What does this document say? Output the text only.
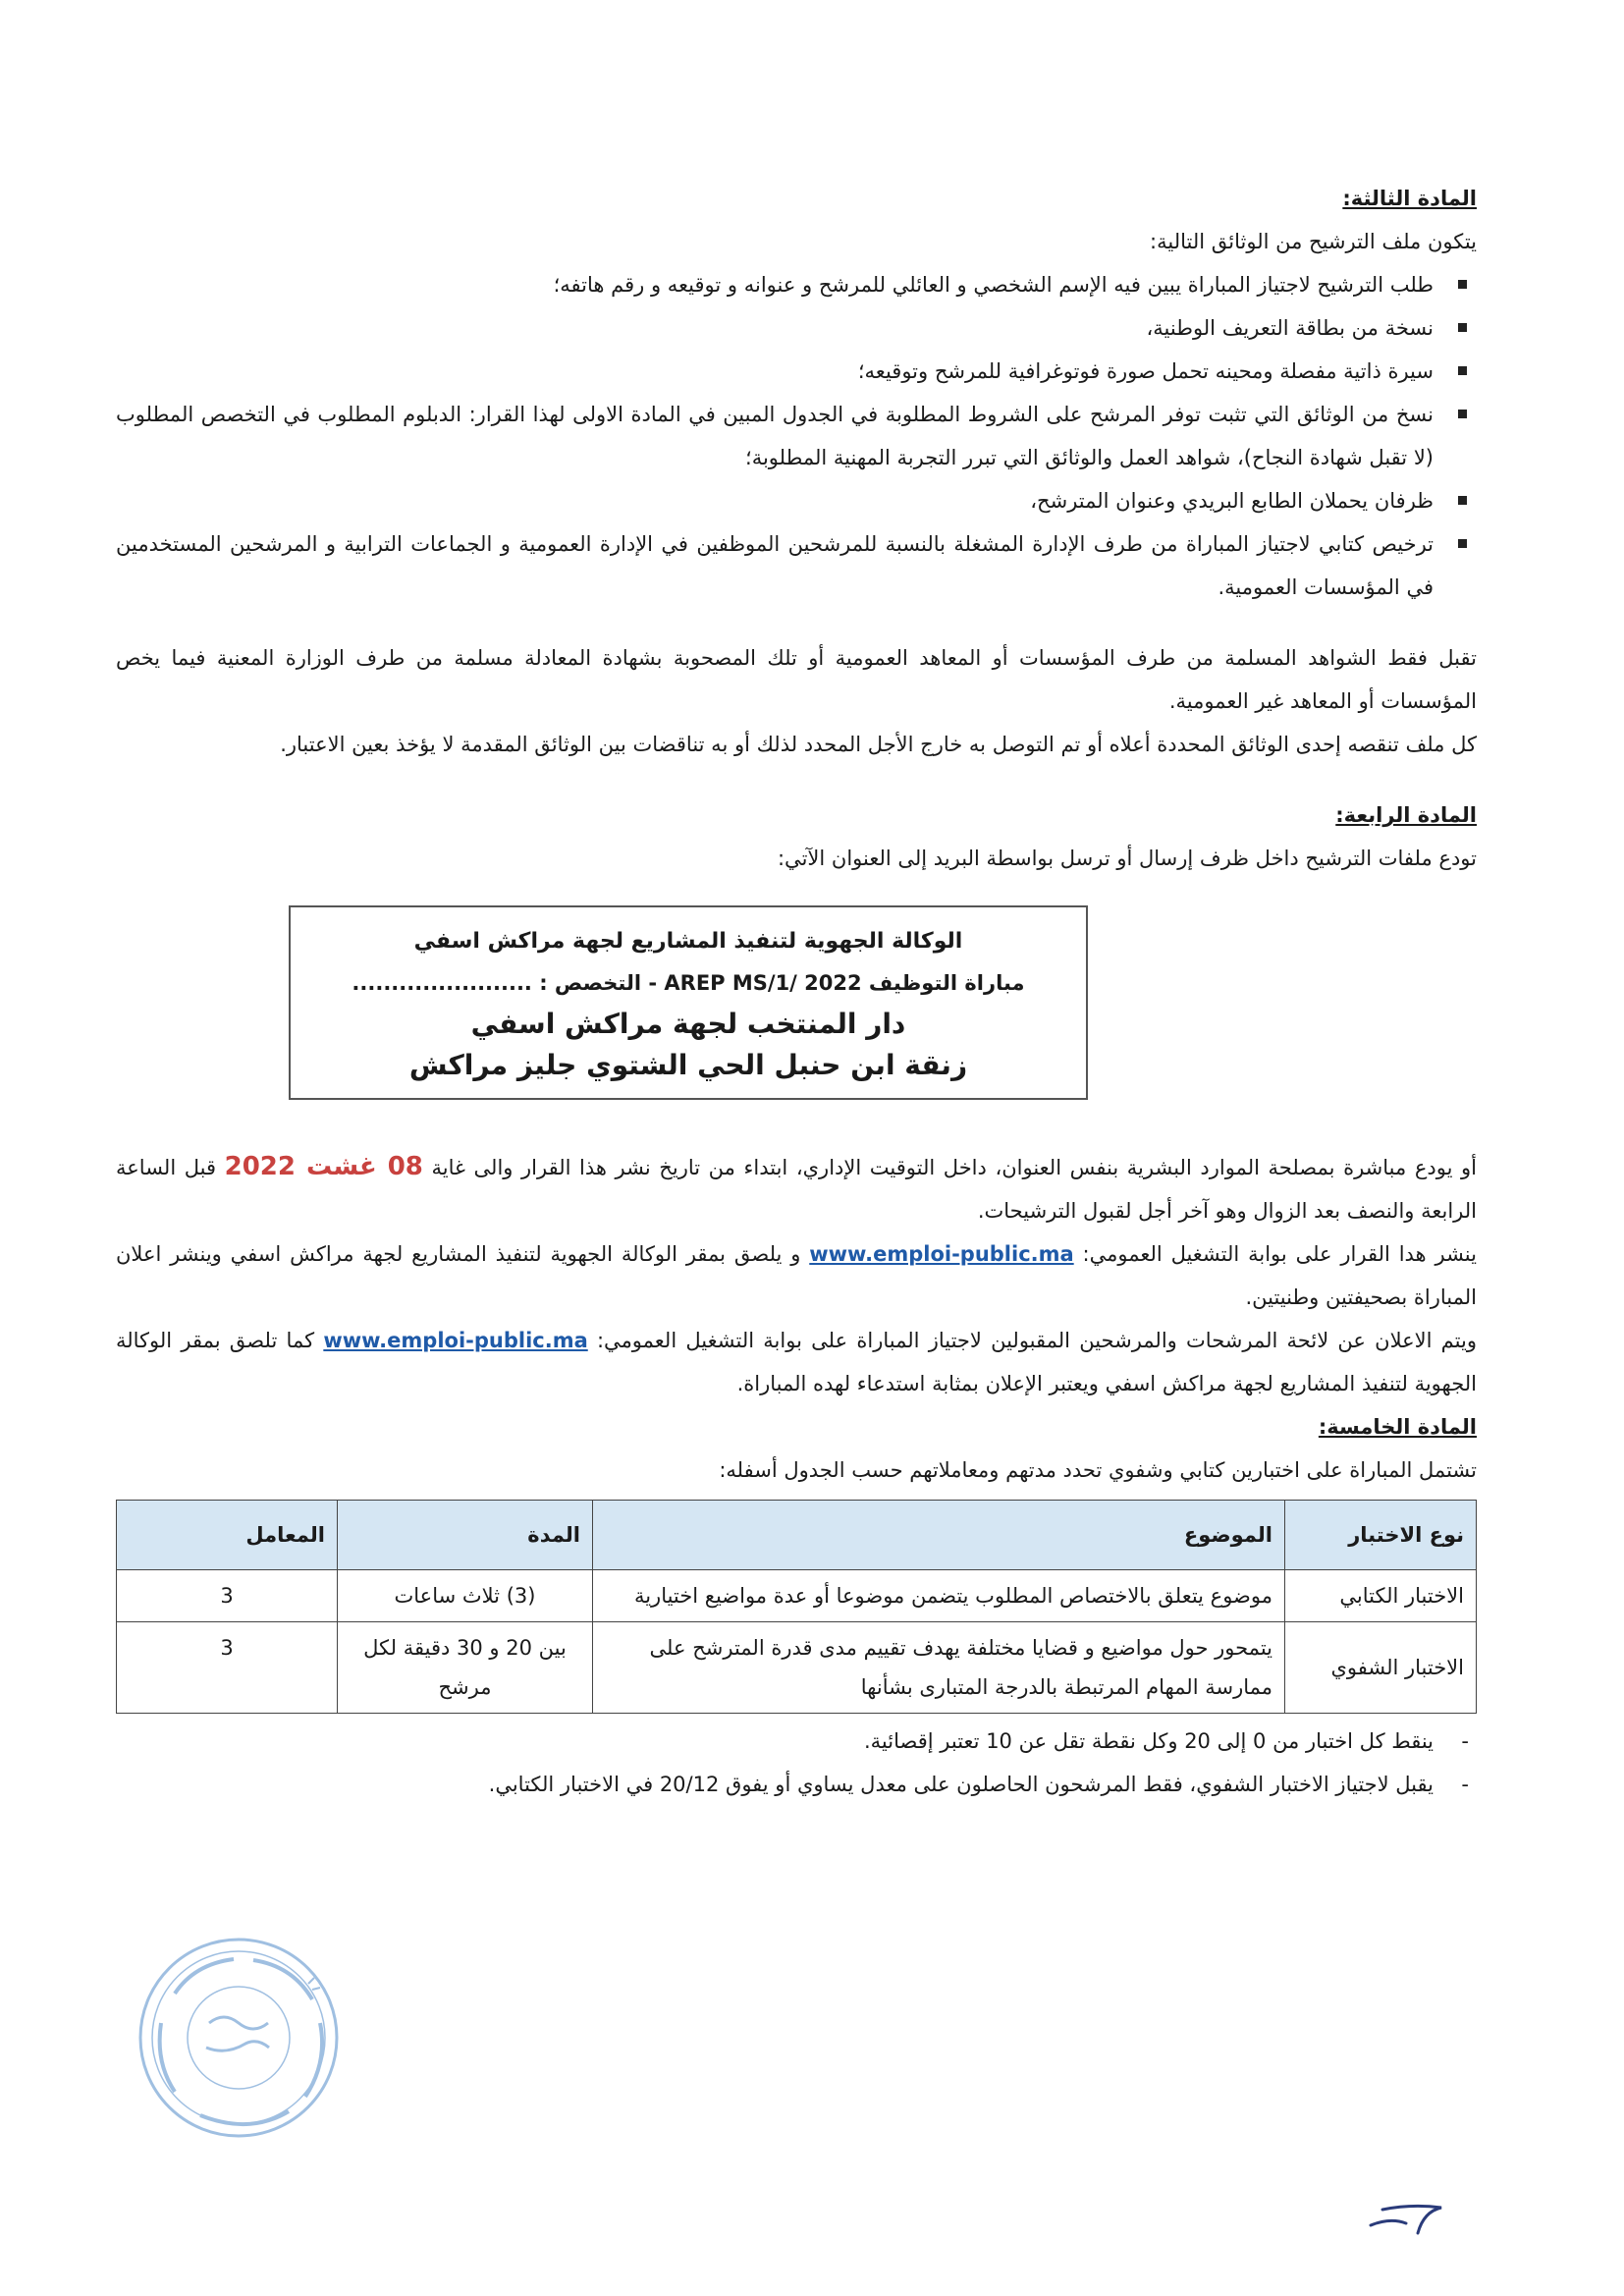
المادة الثالثة:

يتكون ملف الترشيح من الوثائق التالية:

طلب الترشيح لاجتياز المباراة يبين فيه الإسم الشخصي و العائلي للمرشح و عنوانه و توقيعه و رقم هاتفه؛
نسخة من بطاقة التعريف الوطنية،
سيرة ذاتية مفصلة ومحينه تحمل صورة فوتوغرافية للمرشح وتوقيعه؛
نسخ من الوثائق التي تثبت توفر المرشح على الشروط المطلوبة في الجدول المبين في المادة الاولى لهذا القرار: الدبلوم المطلوب في التخصص المطلوب (لا تقبل شهادة النجاح)، شواهد العمل والوثائق التي تبرر التجربة المهنية المطلوبة؛
ظرفان يحملان الطابع البريدي وعنوان المترشح،
ترخيص كتابي لاجتياز المباراة من طرف الإدارة المشغلة بالنسبة للمرشحين الموظفين في الإدارة العمومية و الجماعات الترابية و المرشحين المستخدمين في المؤسسات العمومية.

تقبل فقط الشواهد المسلمة من طرف المؤسسات أو المعاهد العمومية أو تلك المصحوبة بشهادة المعادلة مسلمة من طرف الوزارة المعنية فيما يخص المؤسسات أو المعاهد غير العمومية.

كل ملف تنقصه إحدى الوثائق المحددة أعلاه أو تم التوصل به خارج الأجل المحدد لذلك أو به تناقضات بين الوثائق المقدمة لا يؤخذ بعين الاعتبار.

المادة الرابعة:

تودع ملفات الترشيح داخل ظرف إرسال أو ترسل بواسطة البريد إلى العنوان الآتي:

الوكالة الجهوية لتنفيذ المشاريع لجهة مراكش اسفي
مباراة التوظيف AREP MS/1/ 2022 - التخصص : .......................
دار المنتخب لجهة مراكش اسفي
زنقة ابن حنبل الحي الشتوي جليز مراكش

أو يودع مباشرة بمصلحة الموارد البشرية بنفس العنوان، داخل التوقيت الإداري، ابتداء من تاريخ نشر هذا القرار والى غاية 08 غشت 2022 قبل الساعة الرابعة والنصف بعد الزوال وهو آخر أجل لقبول الترشيحات.

ينشر هدا القرار على بوابة التشغيل العمومي: www.emploi-public.ma و يلصق بمقر الوكالة الجهوية لتنفيذ المشاريع لجهة مراكش اسفي وينشر اعلان المباراة بصحيفتين وطنيتين.

ويتم الاعلان عن لائحة المرشحات والمرشحين المقبولين لاجتياز المباراة على بوابة التشغيل العمومي: www.emploi-public.ma كما تلصق بمقر الوكالة الجهوية لتنفيذ المشاريع لجهة مراكش اسفي ويعتبر الإعلان بمثابة استدعاء لهده المباراة.

المادة الخامسة:

تشتمل المباراة على اختبارين كتابي وشفوي تحدد مدتهم ومعاملاتهم حسب الجدول أسفله:

نوع الاختبار	الموضوع	المدة	المعامل
الاختبار الكتابي	موضوع يتعلق بالاختصاص المطلوب يتضمن موضوعا أو عدة مواضيع اختيارية	(3) ثلاث ساعات	3
الاختبار الشفوي	يتمحور حول مواضيع و قضايا مختلفة يهدف تقييم مدى قدرة المترشح على ممارسة المهام المرتبطة بالدرجة المتبارى بشأنها	بين 20 و 30 دقيقة لكل مرشح	3
-
ينقط كل اختبار من 0 إلى 20 وكل نقطة تقل عن 10 تعتبر إقصائية.
-
يقبل لاجتياز الاختبار الشفوي، فقط المرشحون الحاصلون على معدل يساوي أو يفوق 20/12 في الاختبار الكتابي.
